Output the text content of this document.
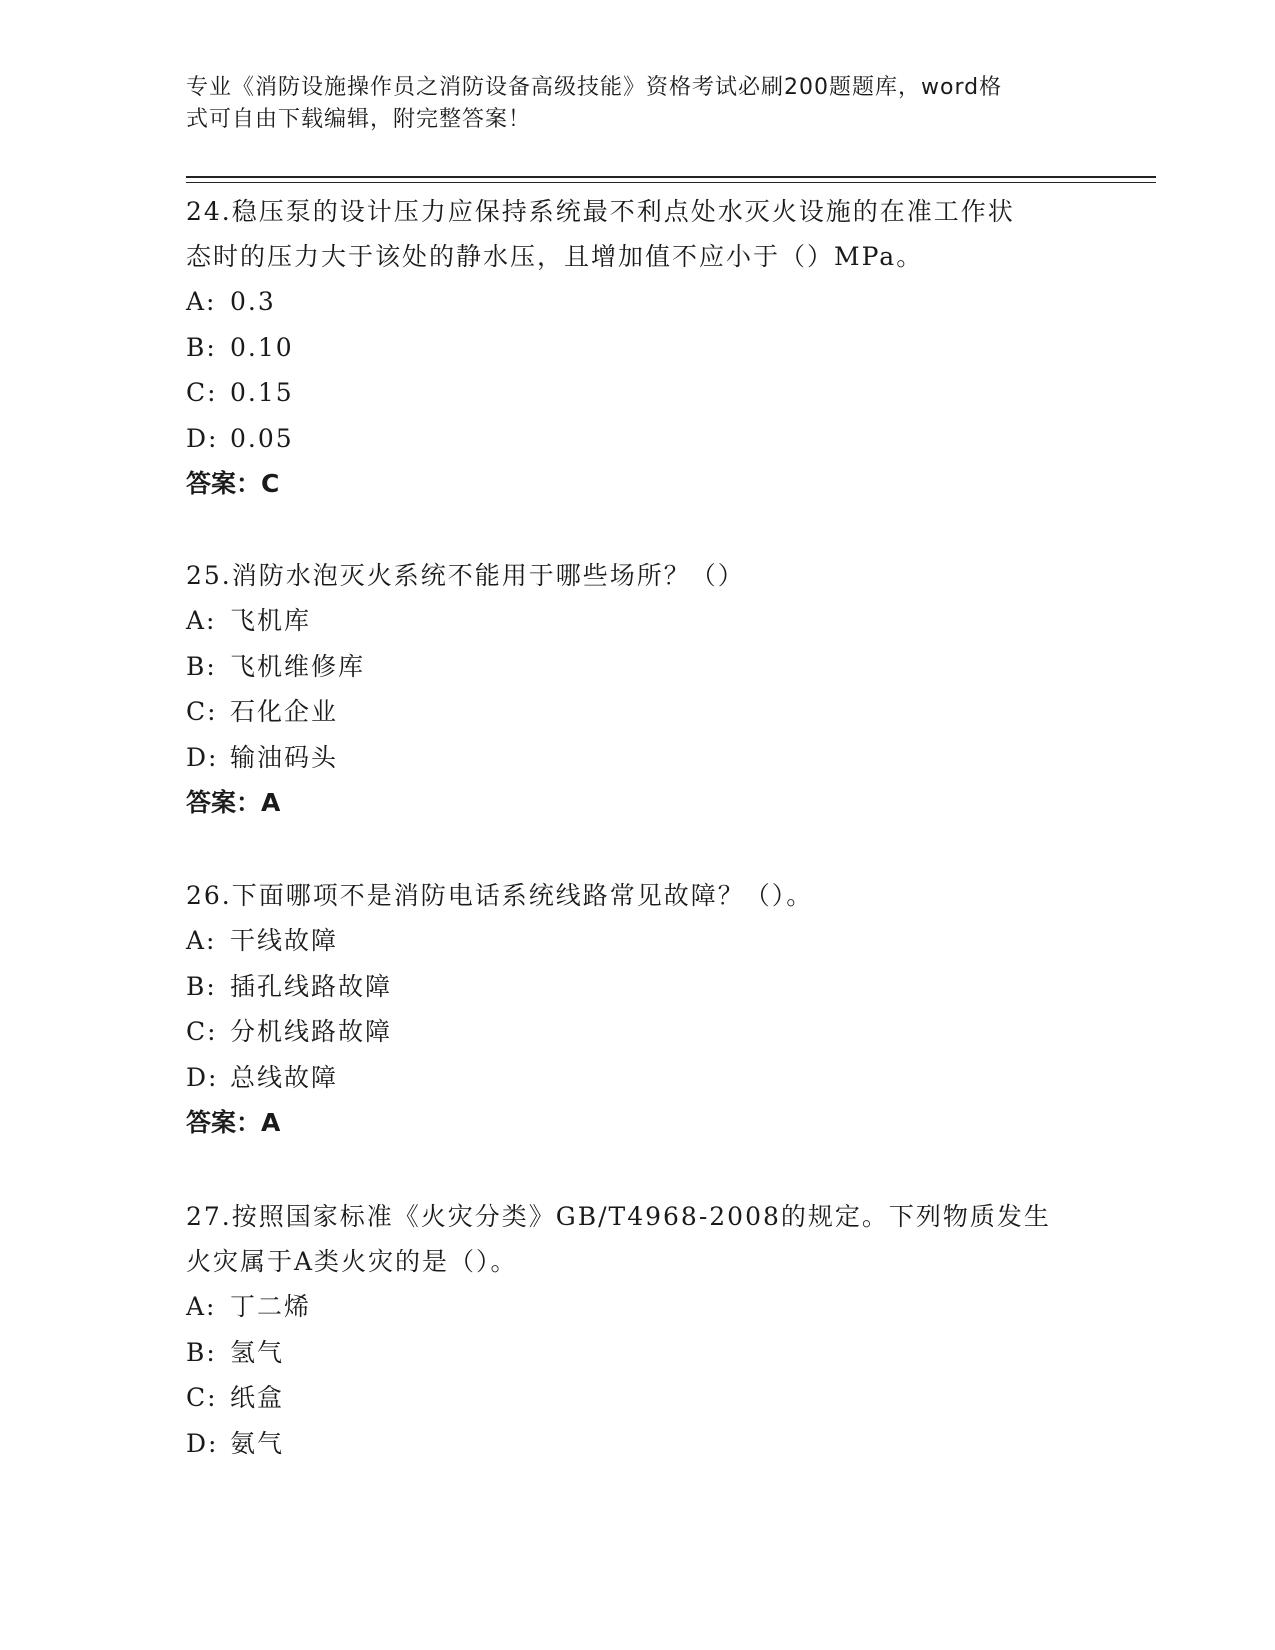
专业《消防设施操作员之消防设备高级技能》资格考试必刷200题题库，word格
式可自由下载编辑，附完整答案！
24.稳压泵的设计压力应保持系统最不利点处水灭火设施的在准工作状
态时的压力大于该处的静水压，且增加值不应小于（）MPa。
A: 0.3
B: 0.10
C: 0.15
D: 0.05
答案：C
25.消防水泡灭火系统不能用于哪些场所？（）
A: 飞机库
B: 飞机维修库
C: 石化企业
D: 输油码头
答案：A
26.下面哪项不是消防电话系统线路常见故障？（）。
A: 干线故障
B: 插孔线路故障
C: 分机线路故障
D: 总线故障
答案：A
27.按照国家标准《火灾分类》GB/T4968-2008的规定。下列物质发生
火灾属于A类火灾的是（）。
A: 丁二烯
B: 氢气
C: 纸盒
D: 氨气
